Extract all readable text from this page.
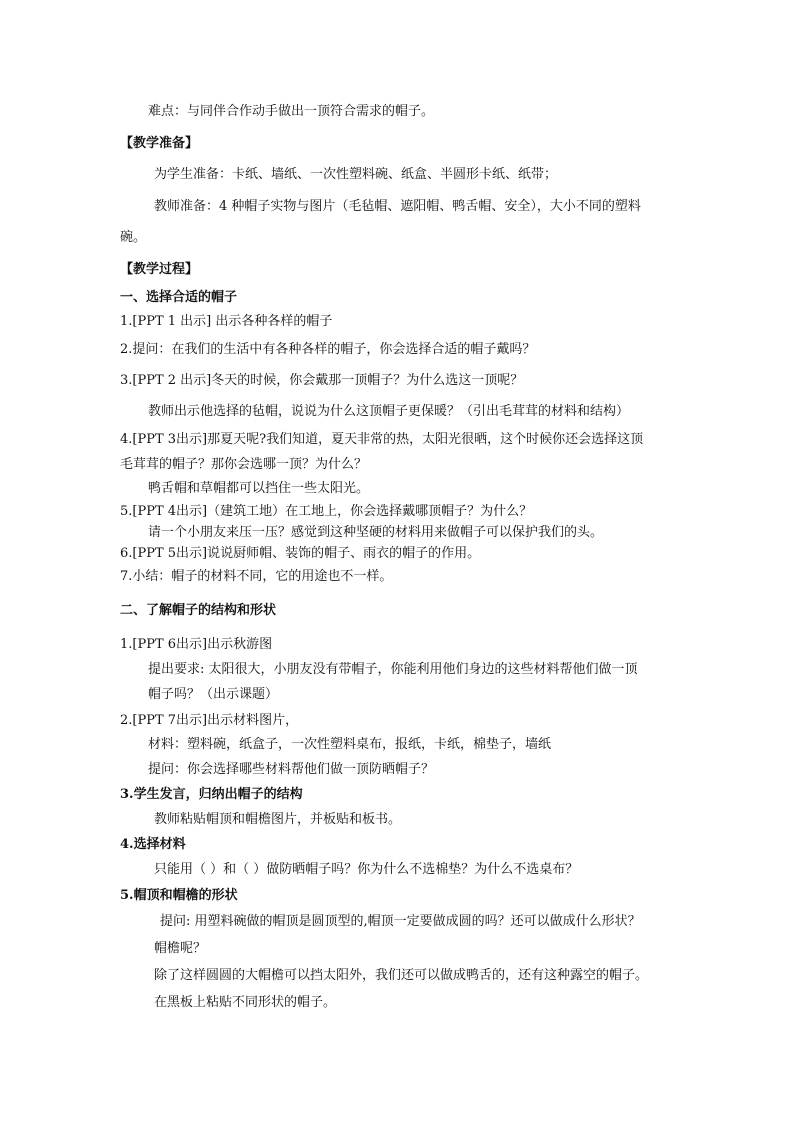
难点：与同伴合作动手做出一顶符合需求的帽子。
【教学准备】
为学生准备：卡纸、墙纸、一次性塑料碗、纸盒、半圆形卡纸、纸带；
教师准备：4 种帽子实物与图片（毛毡帽、遮阳帽、鸭舌帽、安全），大小不同的塑料
碗。
【教学过程】
一、选择合适的帽子
1.[PPT 1 出示] 出示各种各样的帽子
2.提问：在我们的生活中有各种各样的帽子，你会选择合适的帽子戴吗？
3.[PPT 2 出示]冬天的时候，你会戴那一顶帽子？为什么选这一顶呢？
教师出示他选择的毡帽，说说为什么这顶帽子更保暖？（引出毛茸茸的材料和结构）
4.[PPT 3出示]那夏天呢?我们知道，夏天非常的热，太阳光很晒，这个时候你还会选择这顶
毛茸茸的帽子？那你会选哪一顶？为什么？
鸭舌帽和草帽都可以挡住一些太阳光。
5.[PPT 4出示]（建筑工地）在工地上，你会选择戴哪顶帽子？为什么？
请一个小朋友来压一压？感觉到这种坚硬的材料用来做帽子可以保护我们的头。
6.[PPT 5出示]说说厨师帽、装饰的帽子、雨衣的帽子的作用。
7.小结：帽子的材料不同，它的用途也不一样。
二、了解帽子的结构和形状
1.[PPT 6出示]出示秋游图
提出要求: 太阳很大，小朋友没有带帽子，你能利用他们身边的这些材料帮他们做一顶
帽子吗？（出示课题）
2.[PPT 7出示]出示材料图片，
材料：塑料碗，纸盒子，一次性塑料桌布，报纸，卡纸，棉垫子，墙纸
提问：你会选择哪些材料帮他们做一顶防晒帽子？
3.学生发言，归纳出帽子的结构
教师粘贴帽顶和帽檐图片，并板贴和板书。
4.选择材料
只能用（ ）和（ ）做防晒帽子吗？你为什么不选棉垫？为什么不选桌布？
5.帽顶和帽檐的形状
提问: 用塑料碗做的帽顶是圆顶型的,帽顶一定要做成圆的吗？还可以做成什么形状？
帽檐呢？
除了这样圆圆的大帽檐可以挡太阳外，我们还可以做成鸭舌的，还有这种露空的帽子。
在黑板上粘贴不同形状的帽子。
